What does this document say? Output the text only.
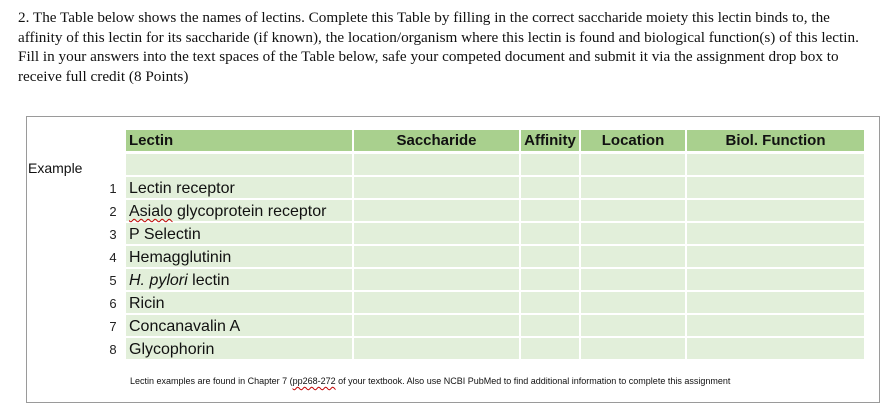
2. The Table below shows the names of lectins. Complete this Table by filling in the correct saccharide moiety this lectin binds to, the affinity of this lectin for its saccharide (if known), the location/organism where this lectin is found and biological function(s) of this lectin. Fill in your answers into the text spaces of the Table below, safe your competed document and submit it via the assignment drop box to receive full credit (8 Points)
Example
Lectin	Saccharide	Affinity	Location	Biol. Function
1 Lectin receptor
2 Asialo glycoprotein receptor
3 P Selectin
4 Hemagglutinin
5 H. pylori lectin
6 Ricin
7 Concanavalin A
8 Glycophorin
Lectin examples are found in Chapter 7 (pp268-272 of your textbook. Also use NCBI PubMed to find additional information to complete this assignment
